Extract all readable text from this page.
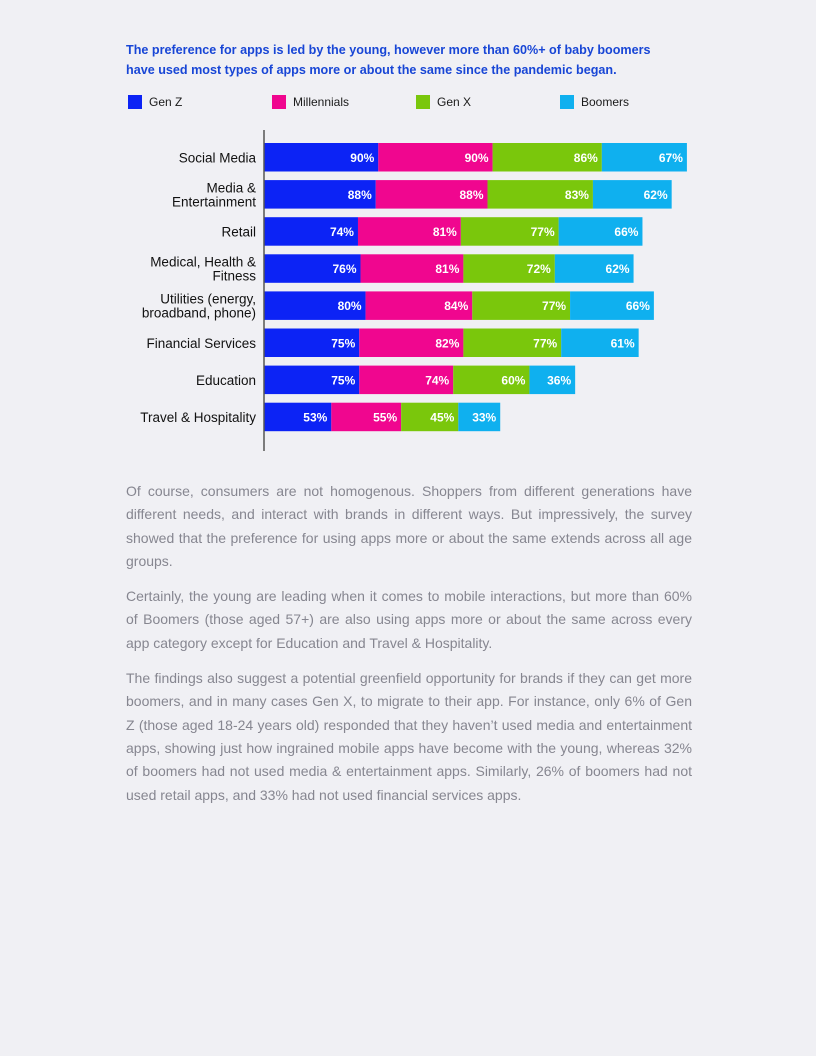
The preference for apps is led by the young, however more than 60%+ of baby boomers
have used most types of apps more or about the same since the pandemic began.
Gen Z	Millennials	Gen X	Boomers
Social Media	90%	90%	86%	67%
Media &
Entertainment	88%	88%	83%	62%
Retail	74%	81%	77%	66%
Medical, Health &
Fitness	76%	81%	72%	62%
Utilities (energy,
broadband, phone)	80%	84%	77%	66%
Financial Services	75%	82%	77%	61%
Education	75%	74%	60% 36%
Travel & Hospitality	53%	55%	45% 33%

Of course, consumers are not homogenous. Shoppers from different generations have different needs, and interact with brands in different ways. But impressively, the survey showed that the preference for using apps more or about the same extends across all age groups.

Certainly, the young are leading when it comes to mobile interactions, but more than 60% of Boomers (those aged 57+) are also using apps more or about the same across every app category except for Education and Travel & Hospitality.

The findings also suggest a potential greenfield opportunity for brands if they can get more boomers, and in many cases Gen X, to migrate to their app. For instance, only 6% of Gen Z (those aged 18-24 years old) responded that they haven’t used media and entertainment apps, showing just how ingrained mobile apps have become with the young, whereas 32% of boomers had not used media & entertainment apps. Similarly, 26% of boomers had not used retail apps, and 33% had not used financial services apps.
